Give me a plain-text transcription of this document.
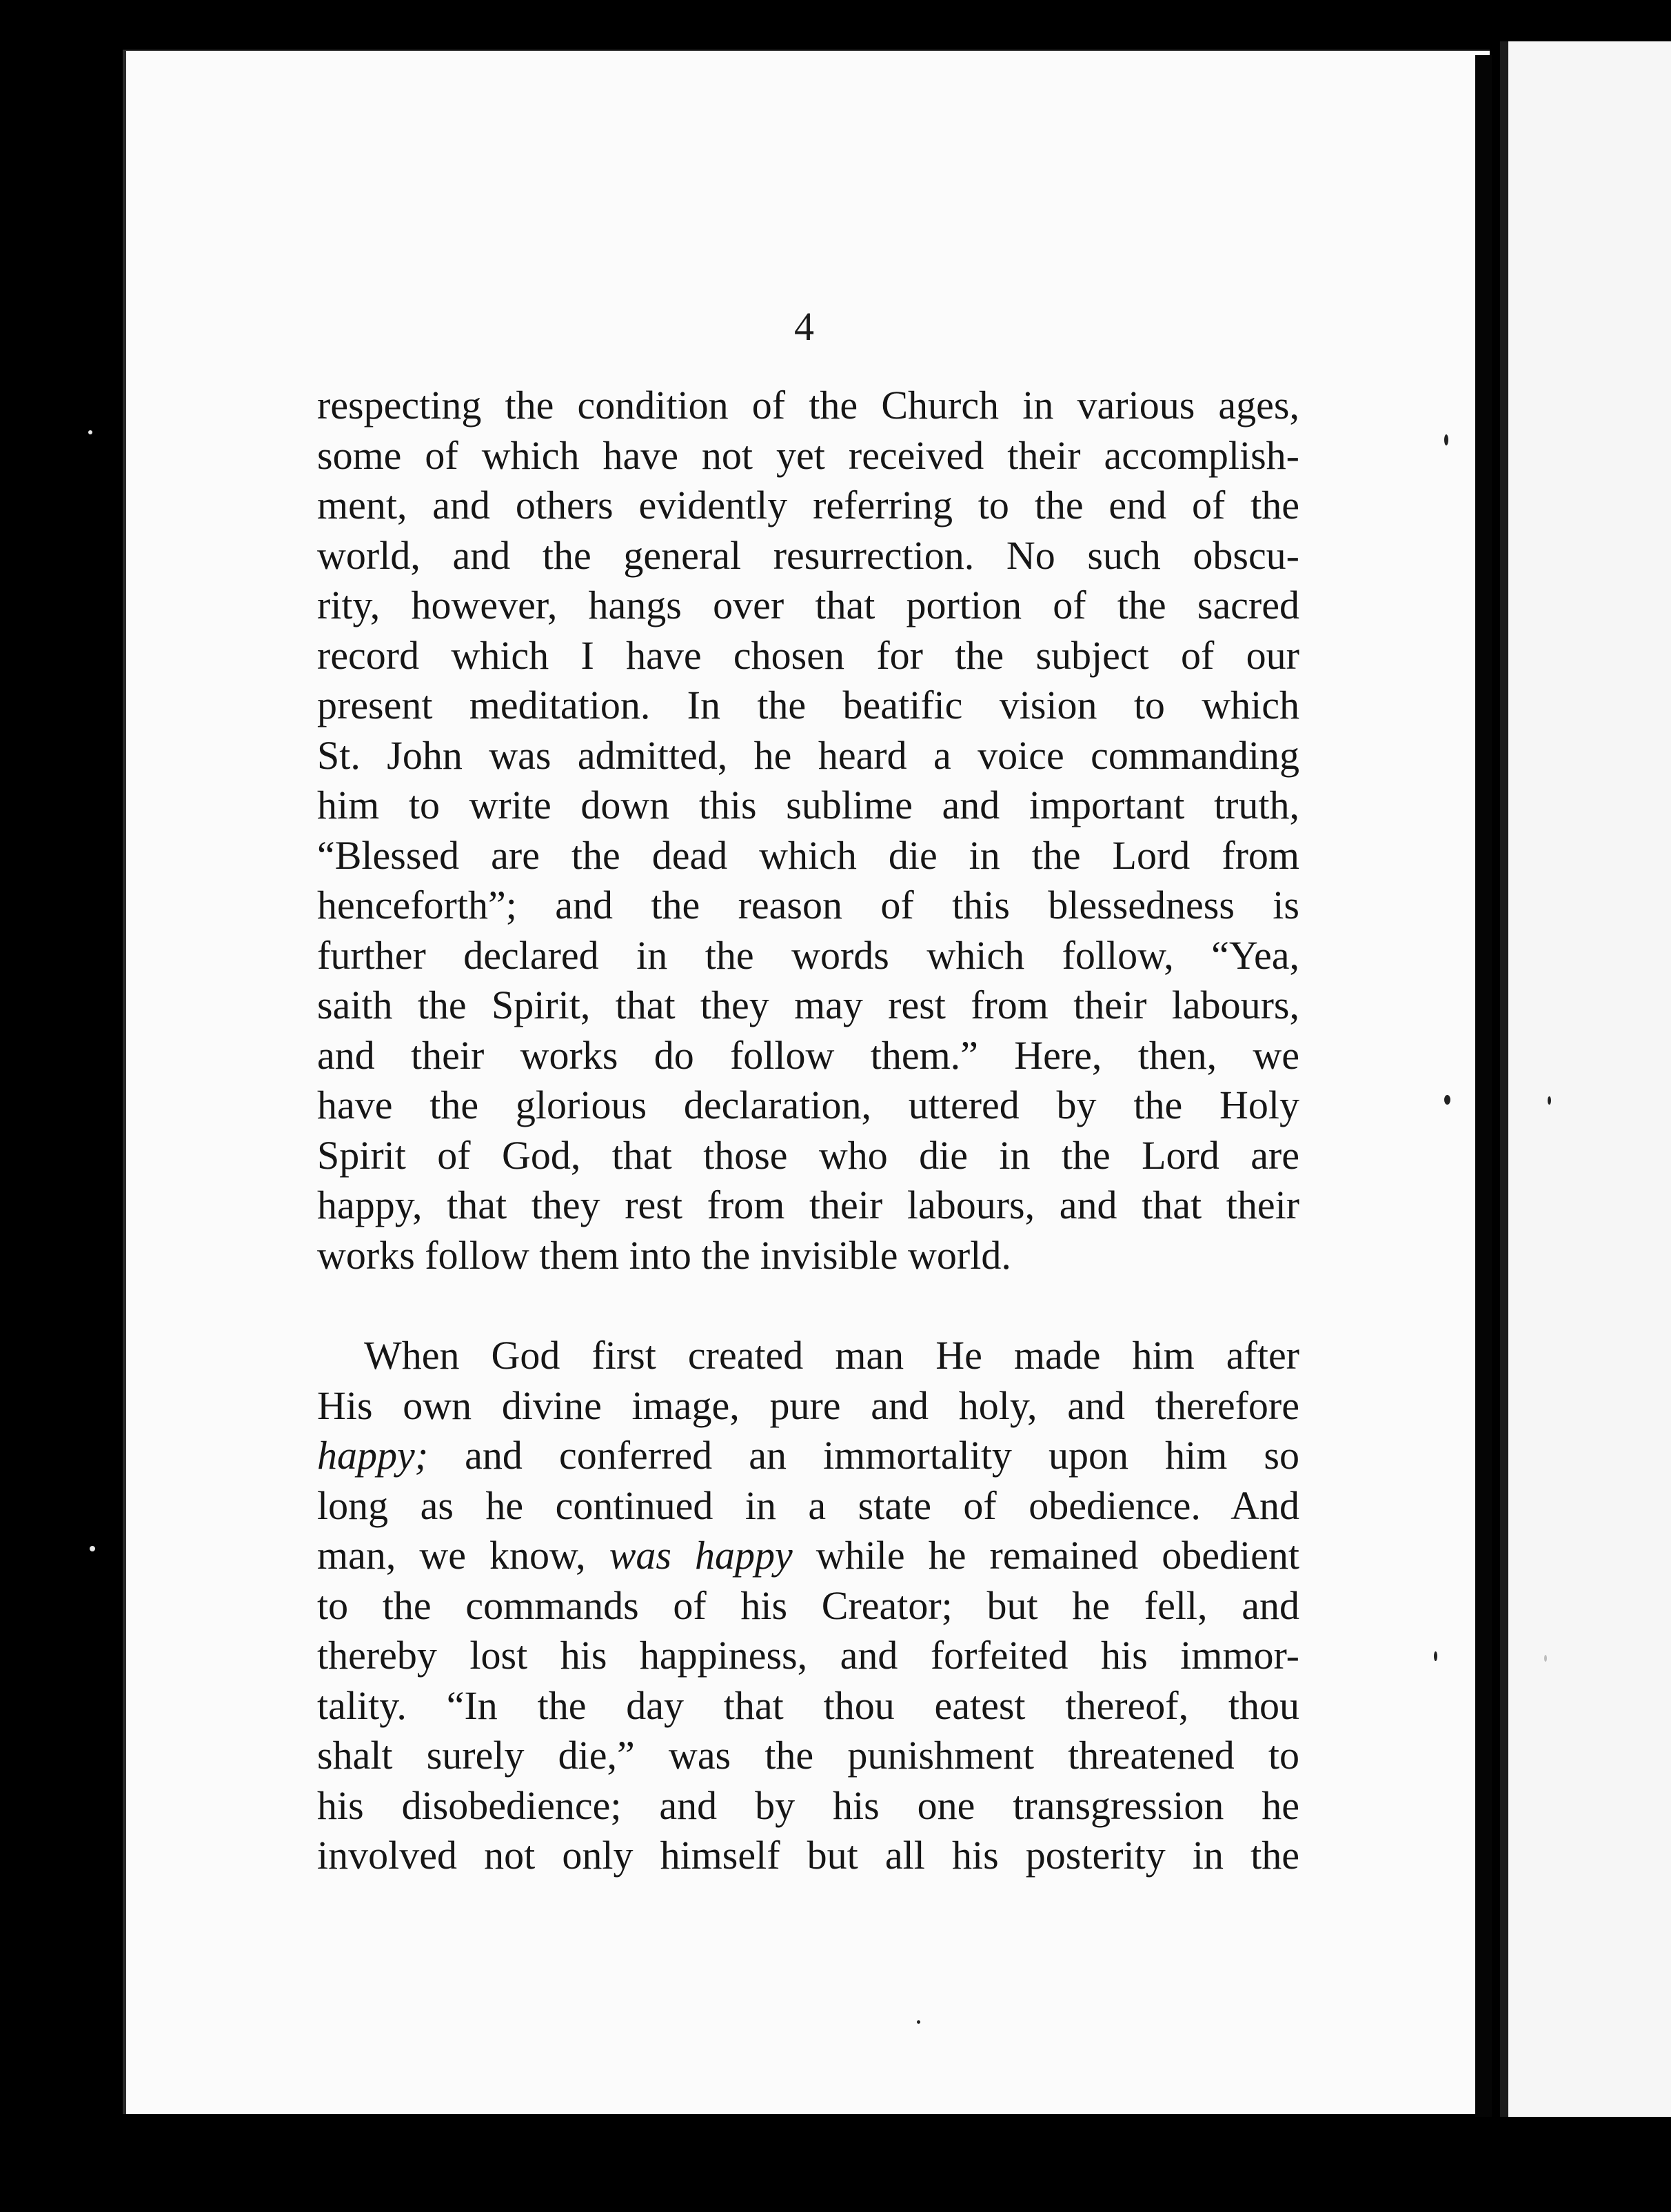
4
respecting the condition of the Church in various ages,
some of which have not yet received their accomplish-
ment, and others evidently referring to the end of the
world, and the general resurrection. No such obscu-
rity, however, hangs over that portion of the sacred
record which I have chosen for the subject of our
present meditation. In the beatific vision to which
St. John was admitted, he heard a voice commanding
him to write down this sublime and important truth,
“Blessed are the dead which die in the Lord from
henceforth”; and the reason of this blessedness is
further declared in the words which follow, “Yea,
saith the Spirit, that they may rest from their labours,
and their works do follow them.” Here, then, we
have the glorious declaration, uttered by the Holy
Spirit of God, that those who die in the Lord are
happy, that they rest from their labours, and that their
works follow them into the invisible world.
When God first created man He made him after
His own divine image, pure and holy, and therefore
happy; and conferred an immortality upon him so
long as he continued in a state of obedience. And
man, we know, was happy while he remained obedient
to the commands of his Creator; but he fell, and
thereby lost his happiness, and forfeited his immor-
tality. “In the day that thou eatest thereof, thou
shalt surely die,” was the punishment threatened to
his disobedience; and by his one transgression he
involved not only himself but all his posterity in the
